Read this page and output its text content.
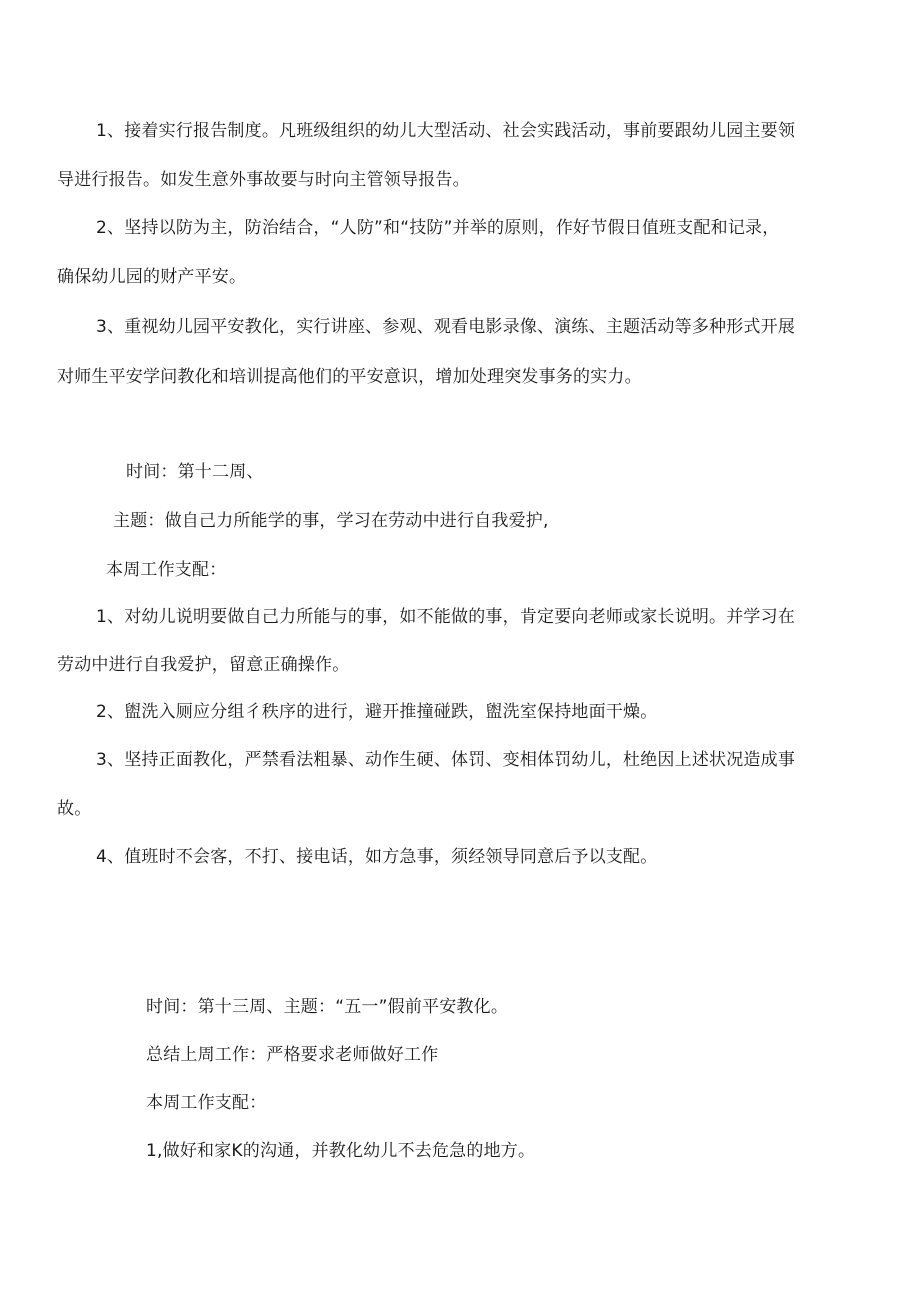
1、接着实行报告制度。凡班级组织的幼儿大型活动、社会实践活动，事前要跟幼儿园主要领
导进行报告。如发生意外事故要与时向主管领导报告。
2、坚持以防为主，防治结合，“人防”和“技防”并举的原则，作好节假日值班支配和记录，
确保幼儿园的财产平安。
3、重视幼儿园平安教化，实行讲座、参观、观看电影录像、演练、主题活动等多种形式开展
对师生平安学问教化和培训提高他们的平安意识，增加处理突发事务的实力。
时间：第十二周、
主题：做自己力所能学的事，学习在劳动中进行自我爱护,
本周工作支配：
1、对幼儿说明要做自己力所能与的事，如不能做的事，肯定要向老师或家长说明。并学习在
劳动中进行自我爱护，留意正确操作。
2、盥洗入厕应分组彳秩序的进行，避开推撞碰跌，盥洗室保持地面干燥。
3、坚持正面教化，严禁看法粗暴、动作生硬、体罚、变相体罚幼儿，杜绝因上述状况造成事
故。
4、值班时不会客，不打、接电话，如方急事，须经领导同意后予以支配。
时间：第十三周、主题：“五一”假前平安教化。
总结上周工作：严格要求老师做好工作
本周工作支配：
1,做好和家K的沟通，并教化幼儿不去危急的地方。
